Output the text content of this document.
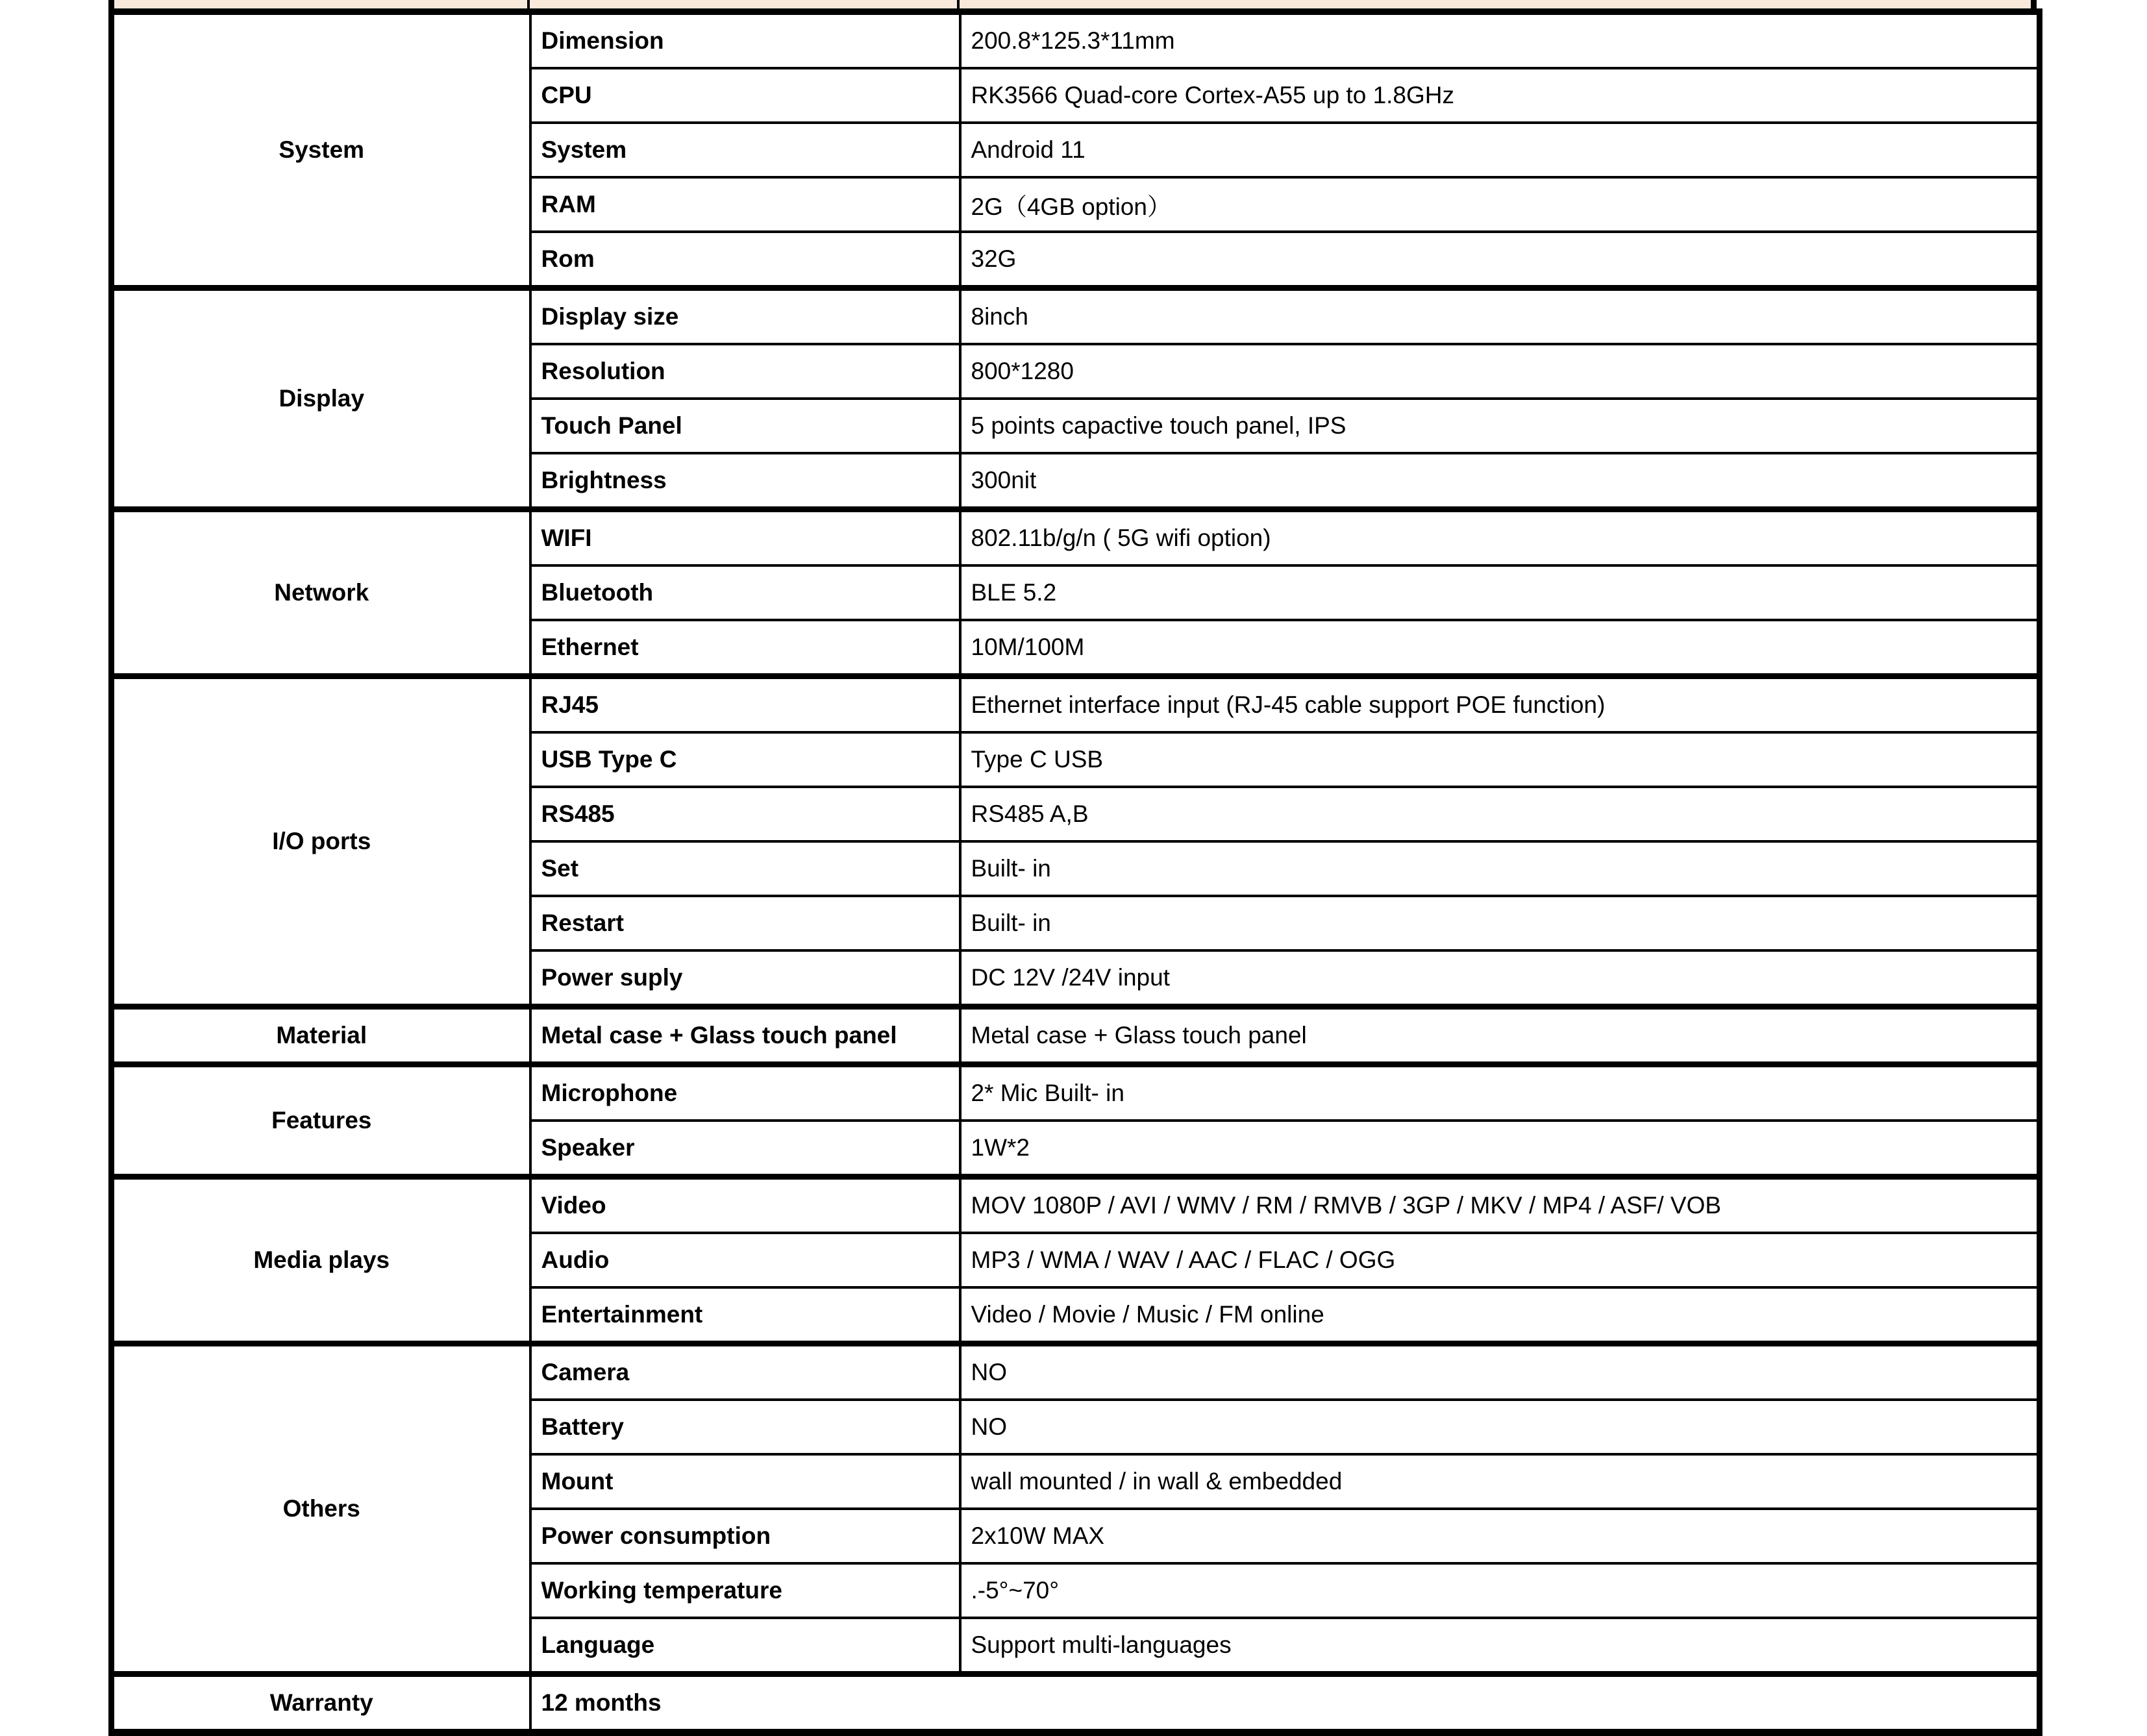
System	Dimension	200.8*125.3*11mm
	CPU	RK3566 Quad-core Cortex-A55 up to 1.8GHz
	System	Android 11
	RAM	2G（4GB option）
	Rom	32G
Display	Display size	8inch
	Resolution	800*1280
	Touch Panel	5 points capactive touch panel, IPS
	Brightness	300nit
Network	WIFI	802.11b/g/n ( 5G wifi option)
	Bluetooth	BLE 5.2
	Ethernet	10M/100M
I/O ports	RJ45	Ethernet interface input (RJ-45 cable support POE function)
	USB Type C	Type C USB
	RS485	RS485 A,B
	Set	Built- in
	Restart	Built- in
	Power suply	DC 12V /24V input
Material	Metal case + Glass touch panel	Metal case + Glass touch panel
Features	Microphone	2* Mic Built- in
	Speaker	1W*2
Media plays	Video	MOV 1080P / AVI / WMV / RM / RMVB / 3GP / MKV / MP4 / ASF/ VOB
	Audio	MP3 / WMA / WAV / AAC / FLAC / OGG
	Entertainment	Video / Movie / Music / FM online
Others	Camera	NO
	Battery	NO
	Mount	wall mounted / in wall & embedded
	Power consumption	2x10W MAX
	Working temperature	.-5°~70°
	Language	Support multi-languages
Warranty	12 months	
